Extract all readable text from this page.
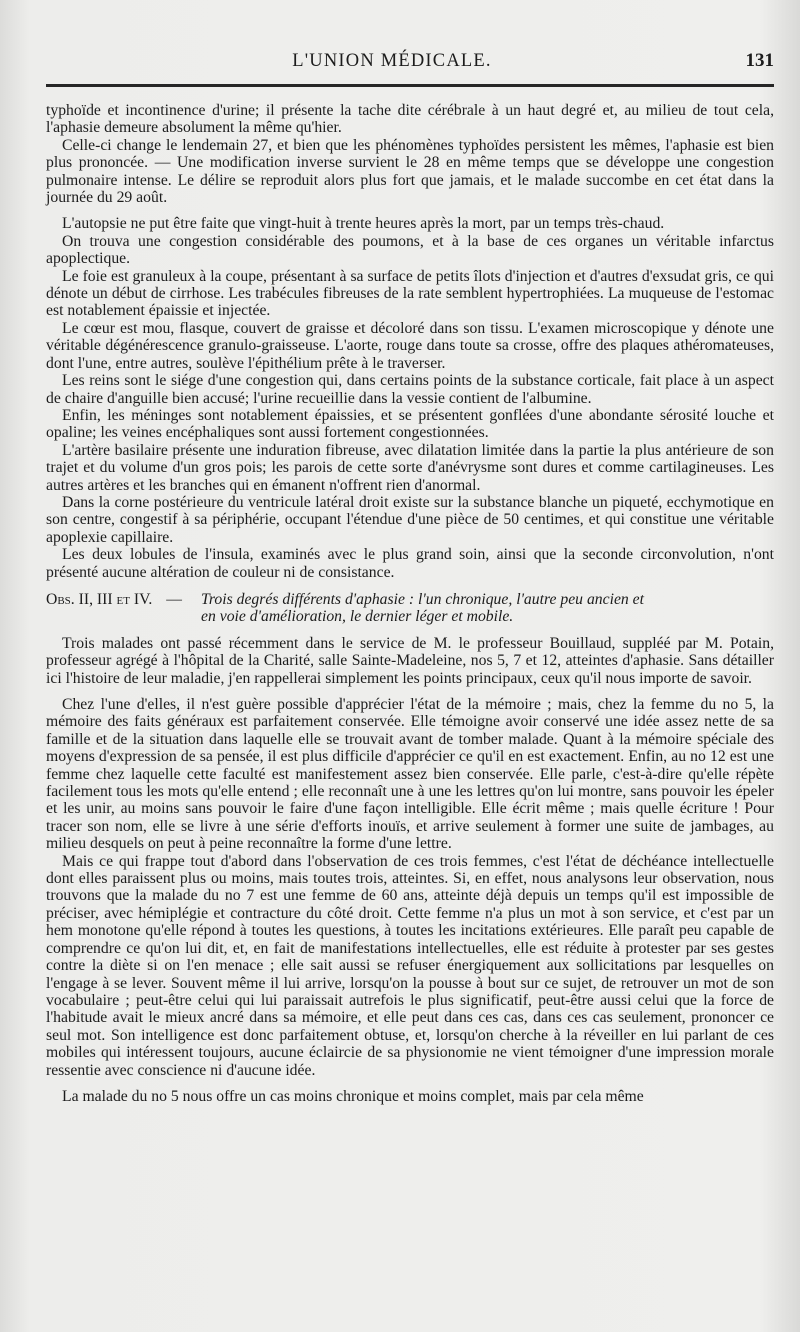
L'UNION MÉDICALE.	131

typhoïde et incontinence d'urine; il présente la tache dite cérébrale à un haut degré et, au milieu de tout cela, l'aphasie demeure absolument la même qu'hier.

Celle-ci change le lendemain 27, et bien que les phénomènes typhoïdes persistent les mêmes, l'aphasie est bien plus prononcée. — Une modification inverse survient le 28 en même temps que se développe une congestion pulmonaire intense. Le délire se reproduit alors plus fort que jamais, et le malade succombe en cet état dans la journée du 29 août.

L'autopsie ne put être faite que vingt-huit à trente heures après la mort, par un temps très-chaud.

On trouva une congestion considérable des poumons, et à la base de ces organes un véritable infarctus apoplectique.

Le foie est granuleux à la coupe, présentant à sa surface de petits îlots d'injection et d'autres d'exsudat gris, ce qui dénote un début de cirrhose. Les trabécules fibreuses de la rate semblent hypertrophiées. La muqueuse de l'estomac est notablement épaissie et injectée.

Le cœur est mou, flasque, couvert de graisse et décoloré dans son tissu. L'examen microscopique y dénote une véritable dégénérescence granulo-graisseuse. L'aorte, rouge dans toute sa crosse, offre des plaques athéromateuses, dont l'une, entre autres, soulève l'épithélium prête à le traverser.

Les reins sont le siége d'une congestion qui, dans certains points de la substance corticale, fait place à un aspect de chaire d'anguille bien accusé; l'urine recueillie dans la vessie contient de l'albumine.

Enfin, les méninges sont notablement épaissies, et se présentent gonflées d'une abondante sérosité louche et opaline; les veines encéphaliques sont aussi fortement congestionnées.

L'artère basilaire présente une induration fibreuse, avec dilatation limitée dans la partie la plus antérieure de son trajet et du volume d'un gros pois; les parois de cette sorte d'anévrysme sont dures et comme cartilagineuses. Les autres artères et les branches qui en émanent n'offrent rien d'anormal.

Dans la corne postérieure du ventricule latéral droit existe sur la substance blanche un piqueté, ecchymotique en son centre, congestif à sa périphérie, occupant l'étendue d'une pièce de 50 centimes, et qui constitue une véritable apoplexie capillaire.

Les deux lobules de l'insula, examinés avec le plus grand soin, ainsi que la seconde circonvolution, n'ont présenté aucune altération de couleur ni de consistance.

Obs. II, III et IV. —	Trois degrés différents d'aphasie : l'un chronique, l'autre peu ancien et
en voie d'amélioration, le dernier léger et mobile.

Trois malades ont passé récemment dans le service de M. le professeur Bouillaud, suppléé par M. Potain, professeur agrégé à l'hôpital de la Charité, salle Sainte-Madeleine, nos 5, 7 et 12, atteintes d'aphasie. Sans détailler ici l'histoire de leur maladie, j'en rappellerai simplement les points principaux, ceux qu'il nous importe de savoir.

Chez l'une d'elles, il n'est guère possible d'apprécier l'état de la mémoire ; mais, chez la femme du no 5, la mémoire des faits généraux est parfaitement conservée. Elle témoigne avoir conservé une idée assez nette de sa famille et de la situation dans laquelle elle se trouvait avant de tomber malade. Quant à la mémoire spéciale des moyens d'expression de sa pensée, il est plus difficile d'apprécier ce qu'il en est exactement. Enfin, au no 12 est une femme chez laquelle cette faculté est manifestement assez bien conservée. Elle parle, c'est-à-dire qu'elle répète facilement tous les mots qu'elle entend ; elle reconnaît une à une les lettres qu'on lui montre, sans pouvoir les épeler et les unir, au moins sans pouvoir le faire d'une façon intelligible. Elle écrit même ; mais quelle écriture ! Pour tracer son nom, elle se livre à une série d'efforts inouïs, et arrive seulement à former une suite de jambages, au milieu desquels on peut à peine reconnaître la forme d'une lettre.

Mais ce qui frappe tout d'abord dans l'observation de ces trois femmes, c'est l'état de déchéance intellectuelle dont elles paraissent plus ou moins, mais toutes trois, atteintes. Si, en effet, nous analysons leur observation, nous trouvons que la malade du no 7 est une femme de 60 ans, atteinte déjà depuis un temps qu'il est impossible de préciser, avec hémiplégie et contracture du côté droit. Cette femme n'a plus un mot à son service, et c'est par un hem monotone qu'elle répond à toutes les questions, à toutes les incitations extérieures. Elle paraît peu capable de comprendre ce qu'on lui dit, et, en fait de manifestations intellectuelles, elle est réduite à protester par ses gestes contre la diète si on l'en menace ; elle sait aussi se refuser énergiquement aux sollicitations par lesquelles on l'engage à se lever. Souvent même il lui arrive, lorsqu'on la pousse à bout sur ce sujet, de retrouver un mot de son vocabulaire ; peut-être celui qui lui paraissait autrefois le plus significatif, peut-être aussi celui que la force de l'habitude avait le mieux ancré dans sa mémoire, et elle peut dans ces cas, dans ces cas seulement, prononcer ce seul mot. Son intelligence est donc parfaitement obtuse, et, lorsqu'on cherche à la réveiller en lui parlant de ces mobiles qui intéressent toujours, aucune éclaircie de sa physionomie ne vient témoigner d'une impression morale ressentie avec conscience ni d'aucune idée.

La malade du no 5 nous offre un cas moins chronique et moins complet, mais par cela même
